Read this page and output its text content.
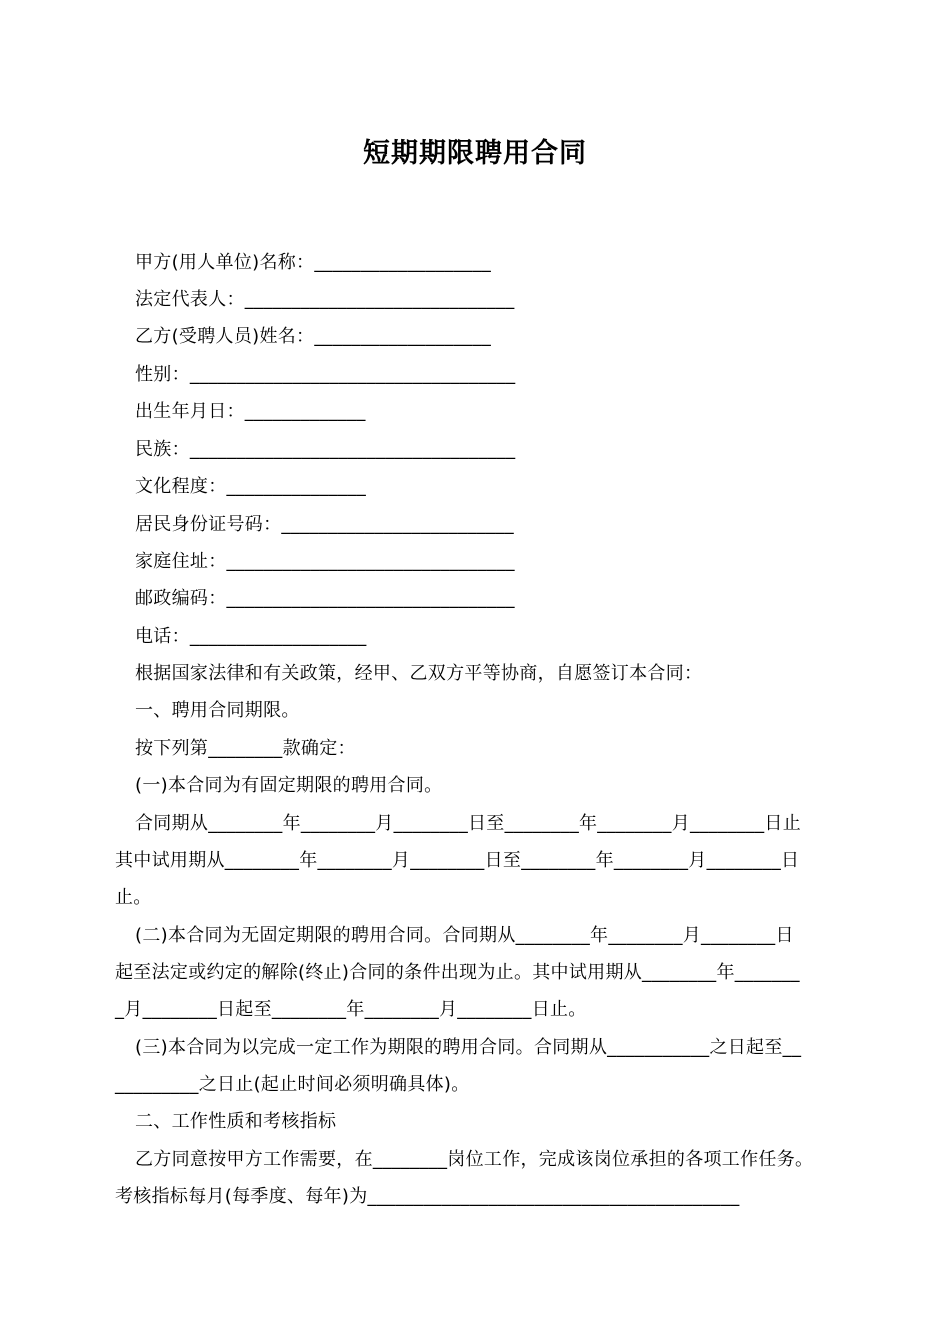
短期期限聘用合同
甲方(用人单位)名称：___________________
法定代表人：_____________________________
乙方(受聘人员)姓名：___________________
性别：___________________________________
出生年月日：_____________
民族：___________________________________
文化程度：_______________
居民身份证号码：_________________________
家庭住址：_______________________________
邮政编码：_______________________________
电话：___________________
根据国家法律和有关政策，经甲、乙双方平等协商，自愿签订本合同：
一、聘用合同期限。
按下列第________款确定：
(一)本合同为有固定期限的聘用合同。
合同期从________年________月________日至________年________月________日止
其中试用期从________年________月________日至________年________月________日
止。
(二)本合同为无固定期限的聘用合同。合同期从________年________月________日
起至法定或约定的解除(终止)合同的条件出现为止。其中试用期从________年_______
_月________日起至________年________月________日止。
(三)本合同为以完成一定工作为期限的聘用合同。合同期从___________之日起至__
_________之日止(起止时间必须明确具体)。
二、工作性质和考核指标
乙方同意按甲方工作需要，在________岗位工作，完成该岗位承担的各项工作任务。
考核指标每月(每季度、每年)为________________________________________
